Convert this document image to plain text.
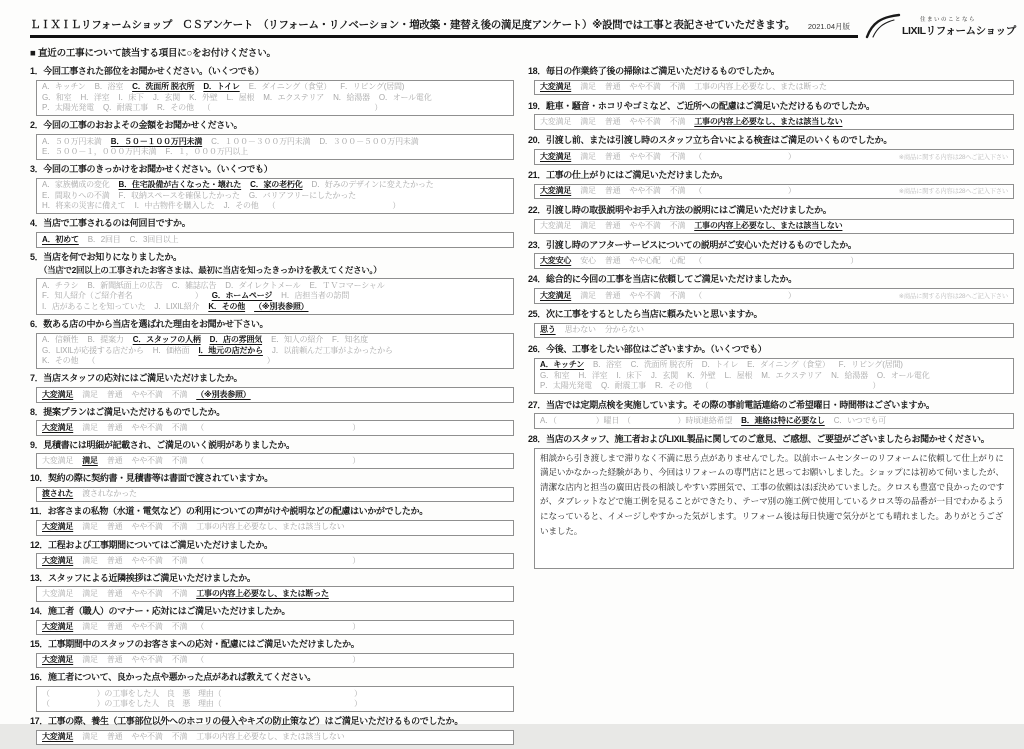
ＬＩＸＩＬリフォームショップ　ＣＳアンケート　（リフォーム・リノベーション・増改築・建替え後の満足度アンケート）※設問では工事と表記させていただきます。 2021.04月版
住まいのことなら
LIXILリフォームショップ
■ 直近の工事について該当する項目に○をお付けください。
1．今回工事された部位をお聞かせください。（いくつでも）
A．キッチン B．浴室 C．洗面所 脱衣所 D．トイレ E．ダイニング（食堂） F．リビング(居間)
G．和室 H．洋室 I．床下 J．玄関 K．外壁 L．屋根 M．エクステリア N．給湯器 O．オール電化
P．太陽光発電 Q．耐震工事 R．その他 （　　　　　　　　　　　　　　　　　　　　　）
2．今回の工事のおおよその金額をお聞かせください。
A．５０万円未満 B．５０－１００万円未満 C．１００－３００万円未満 D．３００－５００万円未満
E．５００－１，０００万円未満 F．１，０００万円以上
3．今回の工事のきっかけをお聞かせください。（いくつでも）
A．家族構成の変化 B．住宅設備が古くなった・壊れた C．家の老朽化 D．好みのデザインに変えたかった
E．間取りへの不満 F．収納スペースを確保したかった G．バリアフリーにしたかった
H．将来の災害に備えて I．中古物件を購入した J．その他 （　　　　　　　　　　　　　　　）
4．当店で工事されるのは何回目ですか。
A．初めて B．2回目 C．3回目以上
5．当店を何でお知りになりましたか。
（当店で2回以上の工事されたお客さまは、最初に当店を知ったきっかけを教えてください。）
A．チラシ B．新聞紙面上の広告 C．雑誌広告 D．ダイレクトメール E．ＴＶコマーシャル
F．知人紹介（ご紹介者名　　　　　　　　） G．ホームページ H．店担当者の訪問
I．店があることを知っていた J．LIXIL紹介 K．その他 （※別表参照）
6．数ある店の中から当店を選ばれた理由をお聞かせ下さい。
A．信頼性 B．提案力 C．スタッフの人柄 D．店の雰囲気 E．知人の紹介 F．知名度
G．LIXILが応援する店だから H．価格面 I．地元の店だから J．以前頼んだ工事がよかったから
K．その他 （　　　　　　　　　　　　　　　　　　　　　　）
7．当店スタッフの応対にはご満足いただけましたか。
大変満足 満足 普通 やや不満 不満 （※別表参照）
8．提案プランはご満足いただけるものでしたか。
大変満足 満足 普通 やや不満 不満 （　　　　　　　　　　　　　　　　　　　）
9．見積書には明細が記載され、ご満足のいく説明がありましたか。
大変満足 満足 普通 やや不満 不満 （　　　　　　　　　　　　　　　　　　　）
10．契約の際に契約書・見積書等は書面で渡されていますか。
渡された 渡されなかった
11．お客さまの私物（水道・電気など）の利用についての声がけや説明などの配慮はいかがでしたか。
大変満足 満足 普通 やや不満 不満 工事の内容上必要なし、または該当しない
12．工程および工事期間についてはご満足いただけましたか。
大変満足 満足 普通 やや不満 不満 （　　　　　　　　　　　　　　　　　　　）
13．スタッフによる近隣挨拶はご満足いただけましたか。
大変満足 満足 普通 やや不満 不満 工事の内容上必要なし、または断った
14．施工者（職人）のマナー・応対にはご満足いただけましたか。
大変満足 満足 普通 やや不満 不満 （　　　　　　　　　　　　　　　　　　　）
15．工事期間中のスタッフのお客さまへの応対・配慮にはご満足いただけましたか。
大変満足 満足 普通 やや不満 不満 （　　　　　　　　　　　　　　　　　　　）
16．施工者について、良かった点や悪かった点があれば教えてください。
（　　　　　　）の工事をした人　良　悪　理由（　　　　　　　　　　　　　　　　　）
（　　　　　　）の工事をした人　良　悪　理由（　　　　　　　　　　　　　　　　　）
17．工事の際、養生（工事部位以外へのホコリの侵入やキズの防止策など）はご満足いただけるものでしたか。
大変満足 満足 普通 やや不満 不満 工事の内容上必要なし、または該当しない
18．毎日の作業終了後の掃除はご満足いただけるものでしたか。
大変満足 満足 普通 やや不満 不満 工事の内容上必要なし、または断った
19．駐車・騒音・ホコリやゴミなど、ご近所への配慮はご満足いただけるものでしたか。
大変満足 満足 普通 やや不満 不満 工事の内容上必要なし、または該当しない
20．引渡し前、または引渡し時のスタッフ立ち合いによる検査はご満足のいくものでしたか。
大変満足 満足 普通 やや不満 不満 （　　　　　　　　　　　）	※商品に関する内容は28へご記入下さい
21．工事の仕上がりにはご満足いただけましたか。
大変満足 満足 普通 やや不満 不満 （　　　　　　　　　　　）	※商品に関する内容は28へご記入下さい
22．引渡し時の取扱説明やお手入れ方法の説明にはご満足いただけましたか。
大変満足 満足 普通 やや不満 不満 工事の内容上必要なし、または該当しない
23．引渡し時のアフターサービスについての説明がご安心いただけるものでしたか。
大変安心 安心 普通 やや心配 心配 （　　　　　　　　　　　　　　　　　　　）
24．総合的に今回の工事を当店に依頼してご満足いただけましたか。
大変満足 満足 普通 やや不満 不満 （　　　　　　　　　　　）	※商品に関する内容は28へご記入下さい
25．次に工事をするとしたら当店に頼みたいと思いますか。
思う 思わない 分からない
26．今後、工事をしたい部位はございますか。（いくつでも）
A．キッチン B．浴室 C．洗面所 脱衣所 D．トイレ E．ダイニング（食堂） F．リビング(居間)
G．和室 H．洋室 I．床下 J．玄関 K．外壁 L．屋根 M．エクステリア N．給湯器 O．オール電化
P．太陽光発電 Q．耐震工事 R．その他 （　　　　　　　　　　　　　　　　　　　　　）
27．当店では定期点検を実施しています。その際の事前電話連絡のご希望曜日・時間帯はございますか。
A．（　　　　　）曜日　（　　　　　　）時頃連絡希望 B．連絡は特に必要なし C．いつでも可
28．当店のスタッフ、施工者およびLIXIL製品に関してのご意見、ご感想、ご要望がございましたらお聞かせください。
相談から引き渡しまで滞りなく不満に思う点がありませんでした。以前ホームセンターのリフォームに依頼して仕上がりに満足いかなかった経験があり、今回はリフォームの専門店にと思ってお願いしました。ショップには初めて伺いましたが、清潔な店内と担当の廣田店長の相談しやすい雰囲気で、工事の依頼はほぼ決めていました。クロスも豊富で良かったのですが、タブレットなどで施工例を見ることができたり、テーマ別の施工例で使用しているクロス等の品番が一目でわかるようになっていると、イメージしやすかった気がします。リフォーム後は毎日快適で気分がとても晴れました。ありがとうございました。
